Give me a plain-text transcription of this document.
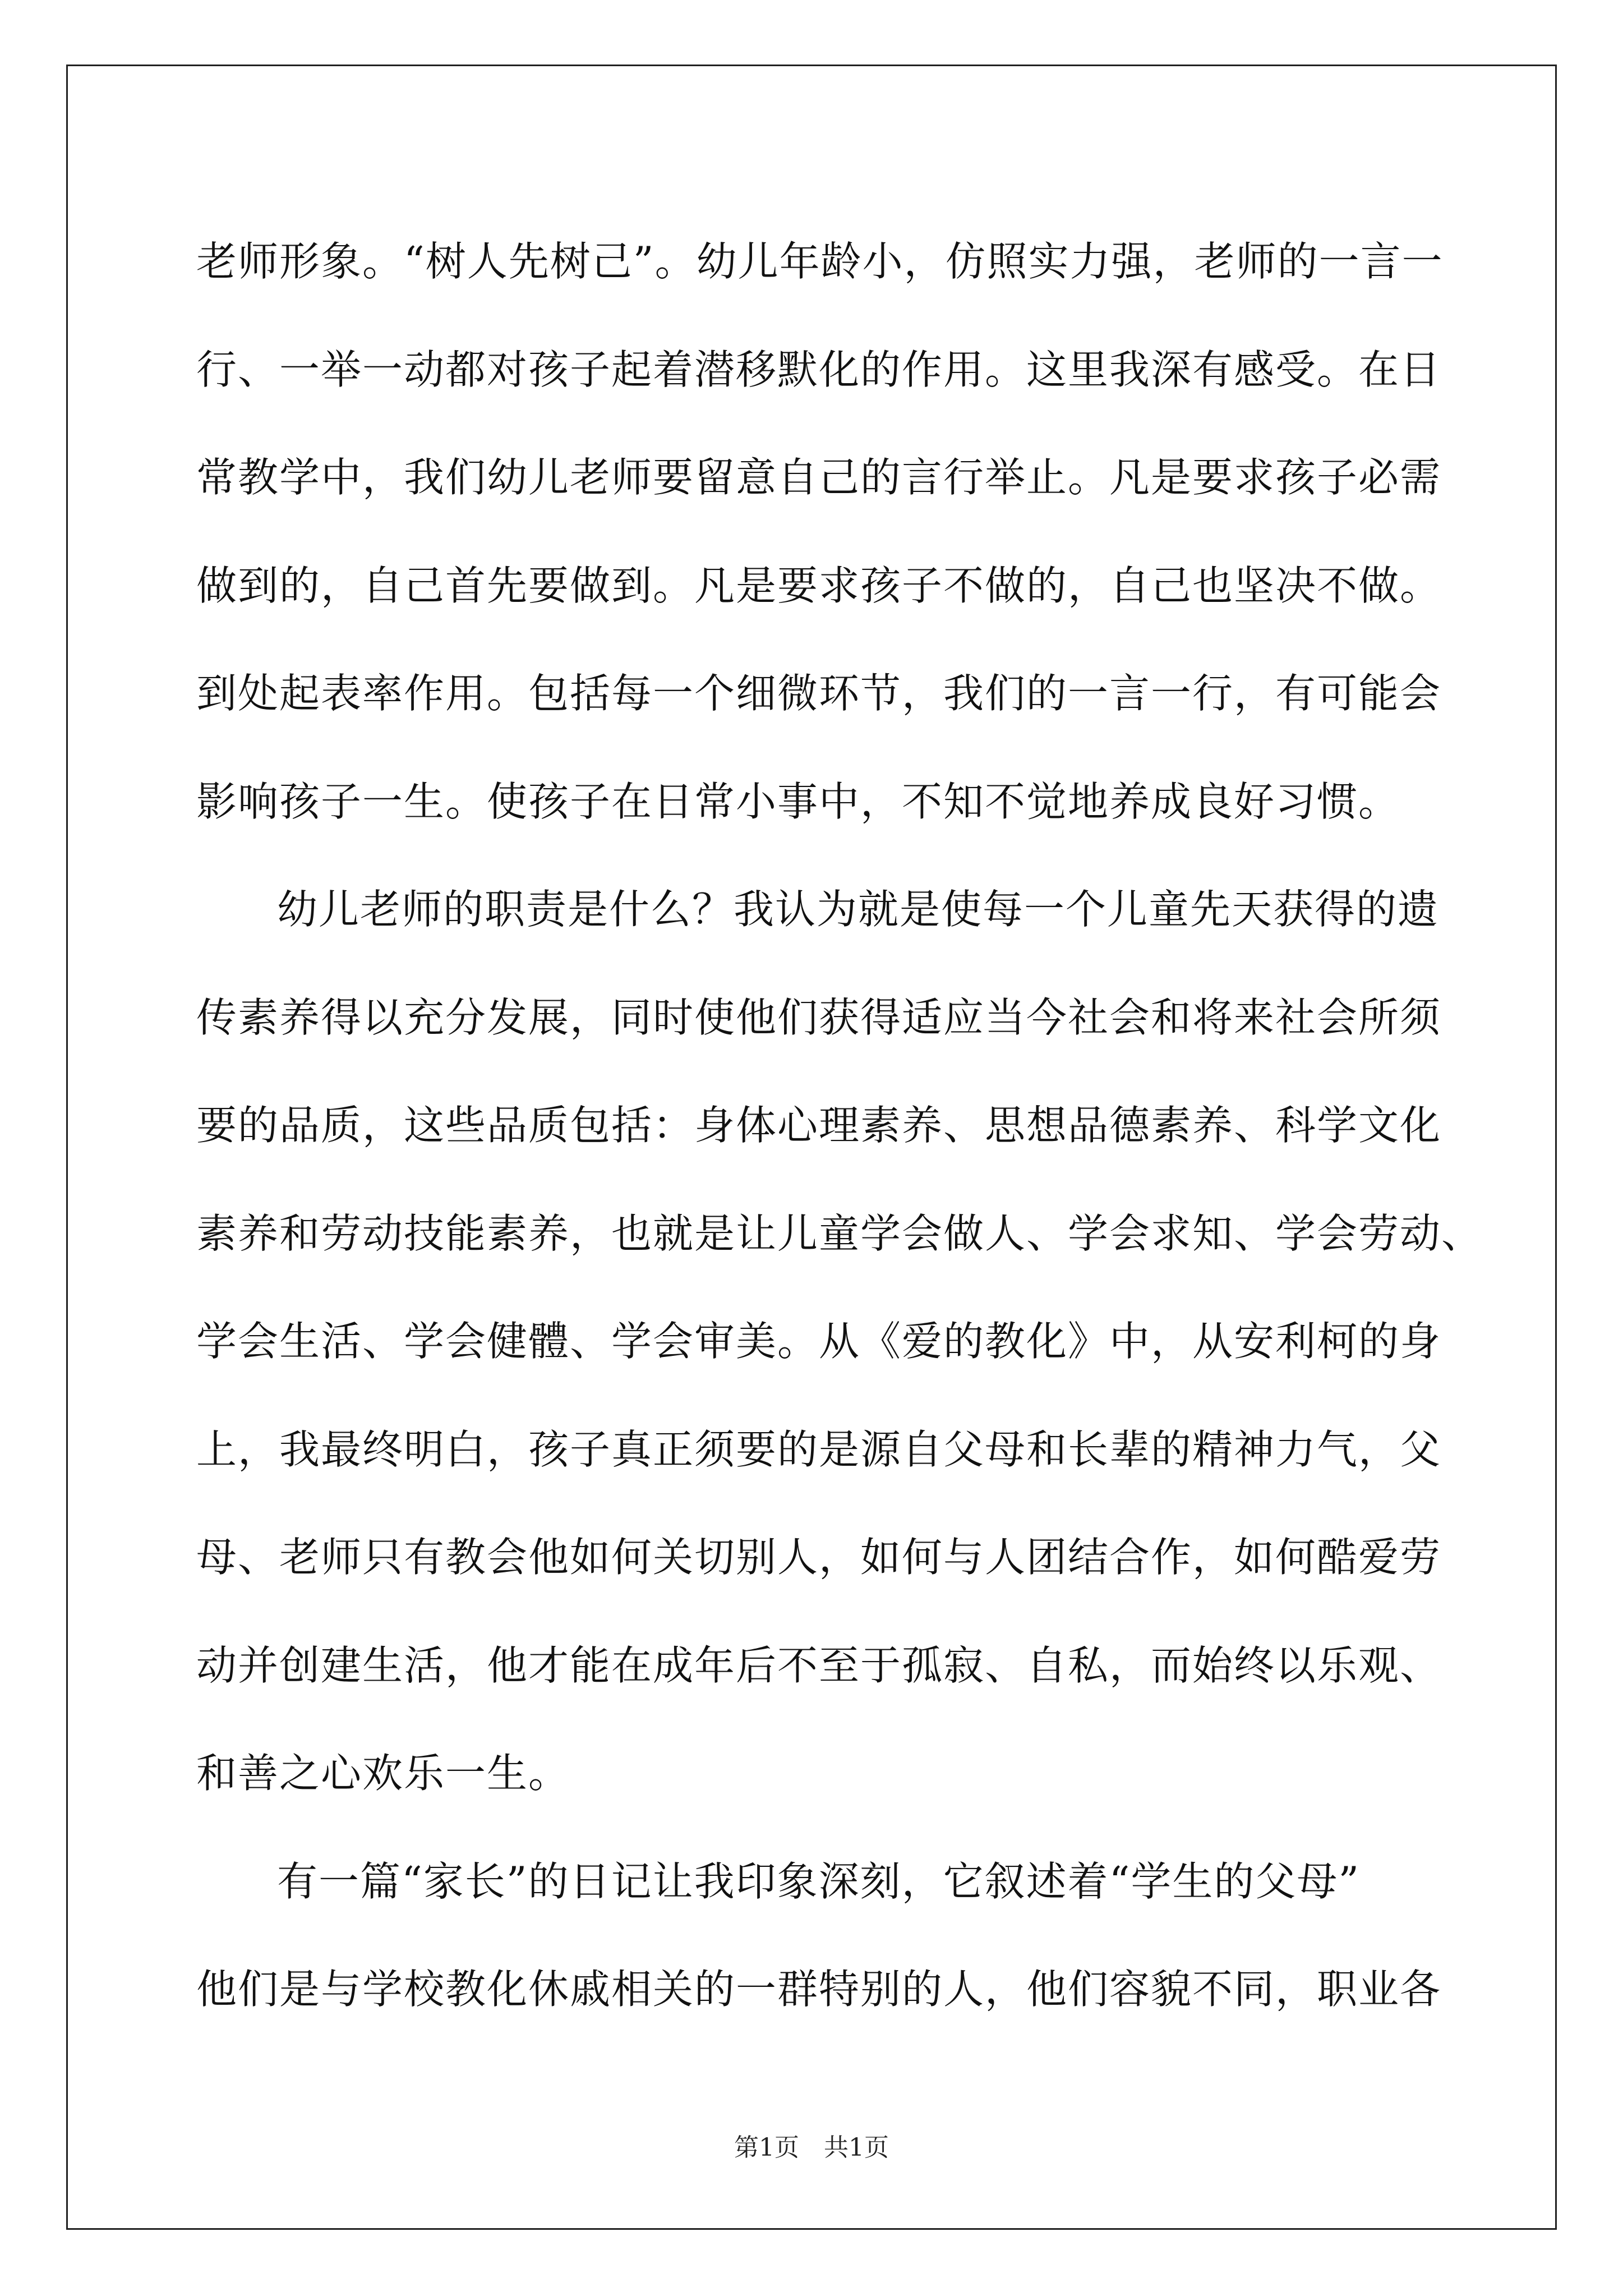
老师形象。“树人先树己”。幼儿年龄小，仿照实力强，老师的一言一
行、一举一动都对孩子起着潜移默化的作用。这里我深有感受。在日
常教学中，我们幼儿老师要留意自己的言行举止。凡是要求孩子必需
做到的，自己首先要做到。凡是要求孩子不做的，自己也坚决不做。
到处起表率作用。包括每一个细微环节，我们的一言一行，有可能会
影响孩子一生。使孩子在日常小事中，不知不觉地养成良好习惯。
幼儿老师的职责是什么？我认为就是使每一个儿童先天获得的遗
传素养得以充分发展，同时使他们获得适应当今社会和将来社会所须
要的品质，这些品质包括：身体心理素养、思想品德素养、科学文化
素养和劳动技能素养，也就是让儿童学会做人、学会求知、学会劳动、
学会生活、学会健體、学会审美。从《爱的教化》中，从安利柯的身
上，我最终明白，孩子真正须要的是源自父母和长辈的精神力气，父
母、老师只有教会他如何关切别人，如何与人团结合作，如何酷爱劳
动并创建生活，他才能在成年后不至于孤寂、自私，而始终以乐观、
和善之心欢乐一生。
有一篇“家长”的日记让我印象深刻，它叙述着“学生的父母”
他们是与学校教化休戚相关的一群特别的人，他们容貌不同，职业各
第1页　共1页
